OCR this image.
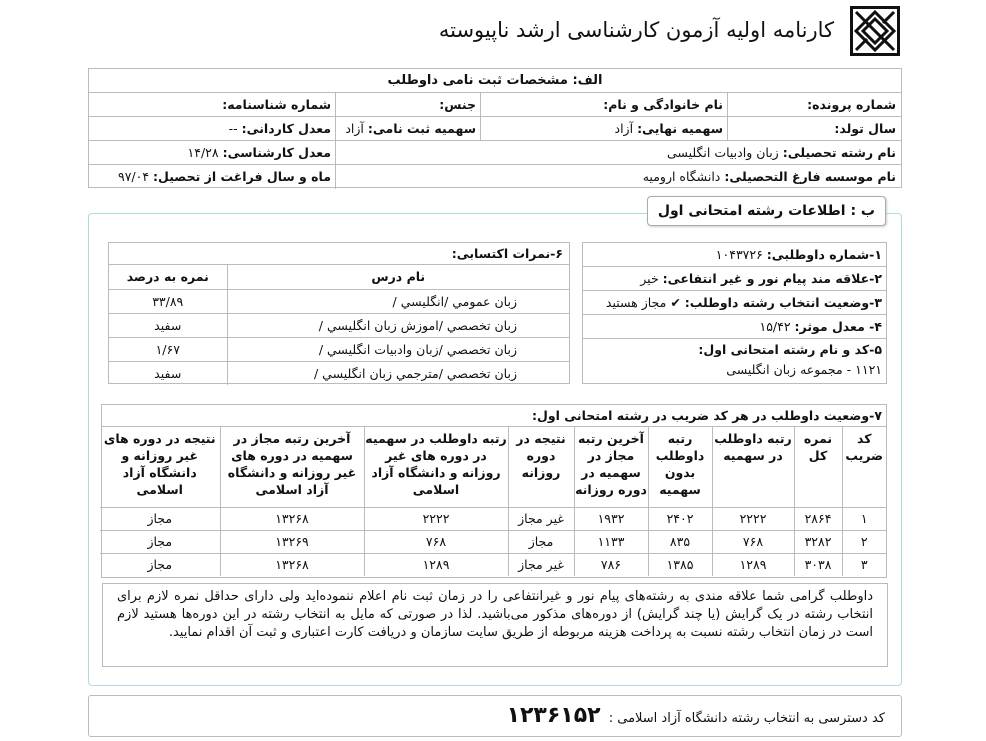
کارنامه اولیه آزمون کارشناسی ارشد ناپیوسته
الف: مشخصات ثبت نامی داوطلب
شماره پرونده:
نام خانوادگی و نام:
جنس:
شماره شناسنامه:
سال تولد:
سهمیه نهایی: آزاد
سهمیه ثبت نامی: آزاد
معدل کاردانی: --
نام رشته تحصیلی: زبان وادبیات انگلیسی
معدل کارشناسی: ۱۴/۲۸
نام موسسه فارغ التحصیلی: دانشگاه ارومیه
ماه و سال فراغت از تحصیل: ۹۷/۰۴
ب : اطلاعات رشته امتحانی اول
۱-شماره داوطلبی: ۱۰۴۳۷۲۶
۲-علاقه مند پیام نور و غیر انتفاعی: خیر
۳-وضعیت انتخاب رشته داوطلب: ✔ مجاز هستید
۴- معدل موثر: ۱۵/۴۲
۵-کد و نام رشته امتحانی اول:
۱۱۲۱ - مجموعه زبان انگلیسی
۶-نمرات اکتسابی:
نام درس	نمره به درصد
زبان عمومي /انگليسي /	۳۳/۸۹
زبان تخصصي /اموزش زبان انگليسي /	سفيد
زبان تخصصي /زبان وادبيات انگليسي /	۱/۶۷
زبان تخصصي /مترجمي زبان انگليسي /	سفيد
۷-وضعیت داوطلب در هر کد ضریب در رشته امتحانی اول:
کد ضریب	نمره کل	رتبه داوطلب در سهمیه	رتبه داوطلب بدون سهمیه	آخرین رتبه مجاز در سهمیه در دوره روزانه	نتیجه در دوره روزانه	رتبه داوطلب در سهمیه در دوره های غیر روزانه و دانشگاه آزاد اسلامی	آخرین رتبه مجاز در سهمیه در دوره های غیر روزانه و دانشگاه آزاد اسلامی	نتیجه در دوره های غیر روزانه و دانشگاه آزاد اسلامی
۱	۲۸۶۴	۲۲۲۲	۲۴۰۲	۱۹۳۲	غیر مجاز	۲۲۲۲	۱۳۲۶۸	مجاز
۲	۳۲۸۲	۷۶۸	۸۳۵	۱۱۳۳	مجاز	۷۶۸	۱۳۲۶۹	مجاز
۳	۳۰۳۸	۱۲۸۹	۱۳۸۵	۷۸۶	غیر مجاز	۱۲۸۹	۱۳۲۶۸	مجاز
داوطلب گرامی شما علاقه مندی به رشته‌های پیام نور و غیرانتفاعی را در زمان ثبت نام اعلام ننموده‌اید ولی دارای حداقل نمره لازم برای انتخاب رشته در یک گرایش (یا چند گرایش) از دوره‌های مذکور می‌باشید. لذا در صورتی که مایل به انتخاب رشته در این دوره‌ها هستید لازم است در زمان انتخاب رشته نسبت به پرداخت هزینه مربوطه از طریق سایت سازمان و دریافت کارت اعتباری و ثبت آن اقدام نمایید.
کد دسترسی به انتخاب رشته دانشگاه آزاد اسلامی : ۱۲۳۶۱۵۲
